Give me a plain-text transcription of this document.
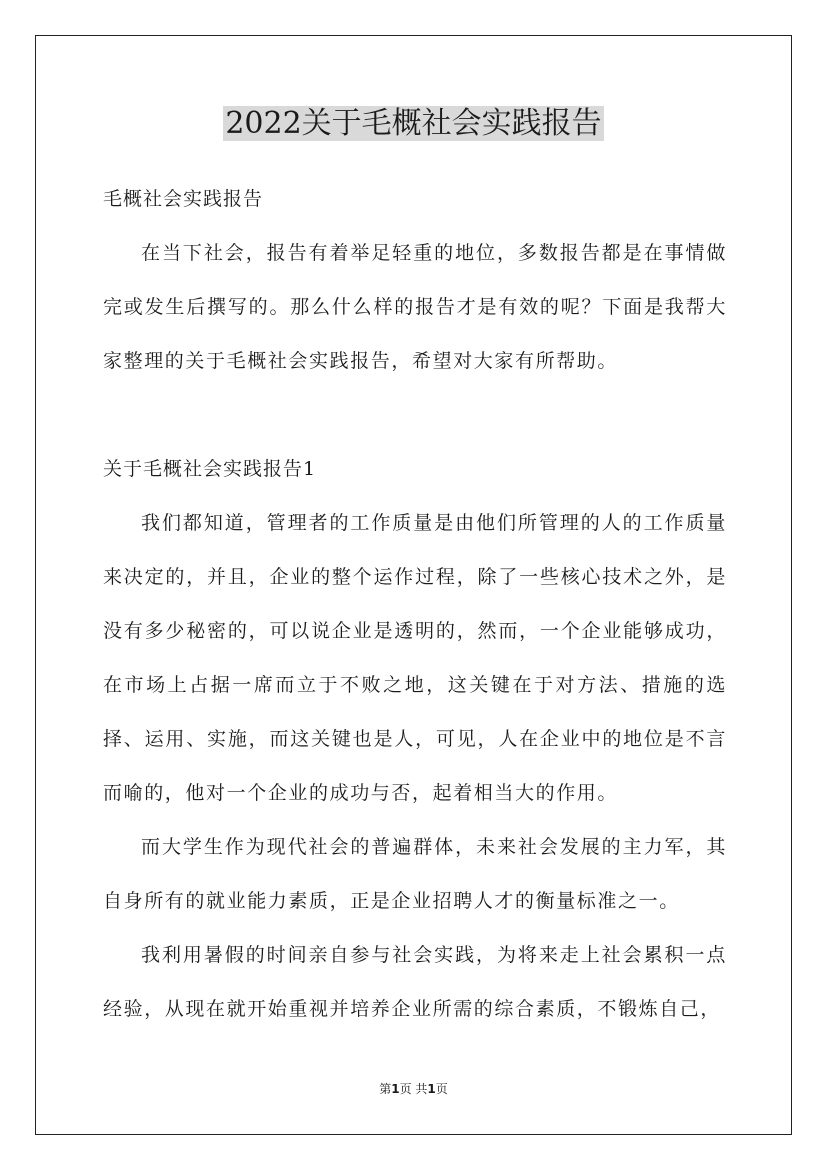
2022关于毛概社会实践报告

毛概社会实践报告

在当下社会，报告有着举足轻重的地位，多数报告都是在事情做完或发生后撰写的。那么什么样的报告才是有效的呢？下面是我帮大家整理的关于毛概社会实践报告，希望对大家有所帮助。

关于毛概社会实践报告1

我们都知道，管理者的工作质量是由他们所管理的人的工作质量来决定的，并且，企业的整个运作过程，除了一些核心技术之外，是没有多少秘密的，可以说企业是透明的，然而，一个企业能够成功，在市场上占据一席而立于不败之地，这关键在于对方法、措施的选择、运用、实施，而这关键也是人，可见，人在企业中的地位是不言而喻的，他对一个企业的成功与否，起着相当大的作用。

而大学生作为现代社会的普遍群体，未来社会发展的主力军，其自身所有的就业能力素质，正是企业招聘人才的衡量标准之一。

我利用暑假的时间亲自参与社会实践，为将来走上社会累积一点经验，从现在就开始重视并培养企业所需的综合素质，不锻炼自己，

第1页 共1页
